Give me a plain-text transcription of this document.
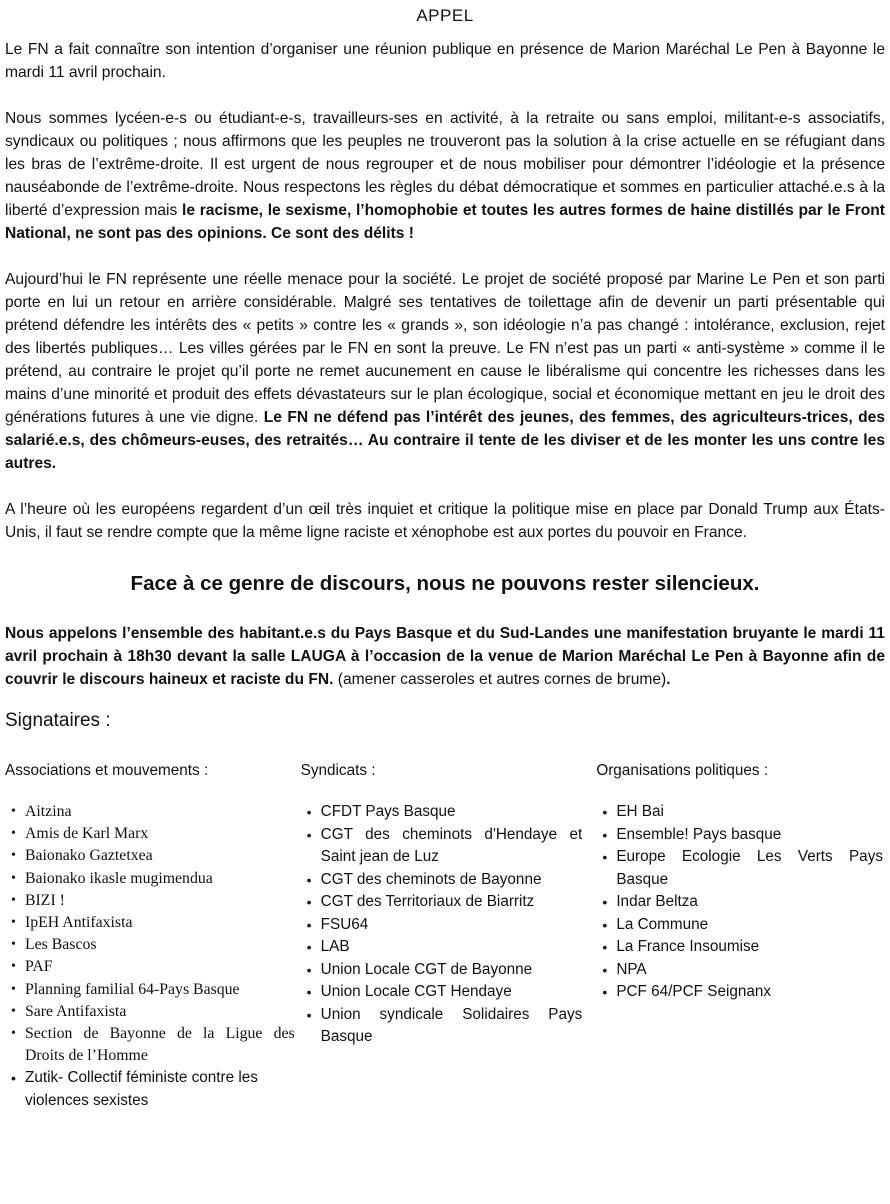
APPEL

Le FN a fait connaître son intention d’organiser une réunion publique en présence de Marion Maréchal Le Pen à Bayonne le mardi 11 avril prochain.

Nous sommes lycéen-e-s ou étudiant-e-s, travailleurs-ses en activité, à la retraite ou sans emploi, militant-e-s associatifs, syndicaux ou politiques ; nous affirmons que les peuples ne trouveront pas la solution à la crise actuelle en se réfugiant dans les bras de l’extrême-droite. Il est urgent de nous regrouper et de nous mobiliser pour démontrer l’idéologie et la présence nauséabonde de l’extrême-droite. Nous respectons les règles du débat démocratique et sommes en particulier attaché.e.s à la liberté d’expression mais le racisme, le sexisme, l’homophobie et toutes les autres formes de haine distillés par le Front National, ne sont pas des opinions. Ce sont des délits !

Aujourd’hui le FN représente une réelle menace pour la société. Le projet de société proposé par Marine Le Pen et son parti porte en lui un retour en arrière considérable. Malgré ses tentatives de toilettage afin de devenir un parti présentable qui prétend défendre les intérêts des « petits » contre les « grands », son idéologie n’a pas changé : intolérance, exclusion, rejet des libertés publiques… Les villes gérées par le FN en sont la preuve. Le FN n’est pas un parti « anti-système » comme il le prétend, au contraire le projet qu’il porte ne remet aucunement en cause le libéralisme qui concentre les richesses dans les mains d’une minorité et produit des effets dévastateurs sur le plan écologique, social et économique mettant en jeu le droit des générations futures à une vie digne. Le FN ne défend pas l’intérêt des jeunes, des femmes, des agriculteurs-trices, des salarié.e.s, des chômeurs-euses, des retraités… Au contraire il tente de les diviser et de les monter les uns contre les autres.

A l’heure où les européens regardent d’un œil très inquiet et critique la politique mise en place par Donald Trump aux États-Unis, il faut se rendre compte que la même ligne raciste et xénophobe est aux portes du pouvoir en France.

Face à ce genre de discours, nous ne pouvons rester silencieux.

Nous appelons l’ensemble des habitant.e.s du Pays Basque et du Sud-Landes une manifestation bruyante le mardi 11 avril prochain à 18h30 devant la salle LAUGA à l’occasion de la venue de Marion Maréchal Le Pen à Bayonne afin de couvrir le discours haineux et raciste du FN. (amener casseroles et autres cornes de brume).

Signataires :
Associations et mouvements :
• Aitzina
• Amis de Karl Marx
• Baionako Gaztetxea
• Baionako ikasle mugimendua
• BIZI !
• IpEH Antifaxista
• Les Bascos
• PAF
• Planning familial 64-Pays Basque
• Sare Antifaxista
• Section de Bayonne de la Ligue des Droits de l’Homme
• Zutik- Collectif féministe contre les violences sexistes
Syndicats :
• CFDT Pays Basque
• CGT des cheminots d'Hendaye et Saint jean de Luz
• CGT des cheminots de Bayonne
• CGT des Territoriaux de Biarritz
• FSU64
• LAB
• Union Locale CGT de Bayonne
• Union Locale CGT Hendaye
• Union syndicale Solidaires Pays Basque
Organisations politiques :
• EH Bai
• Ensemble! Pays basque
• Europe Ecologie Les Verts Pays Basque
• Indar Beltza
• La Commune
• La France Insoumise
• NPA
• PCF 64/PCF Seignanx
